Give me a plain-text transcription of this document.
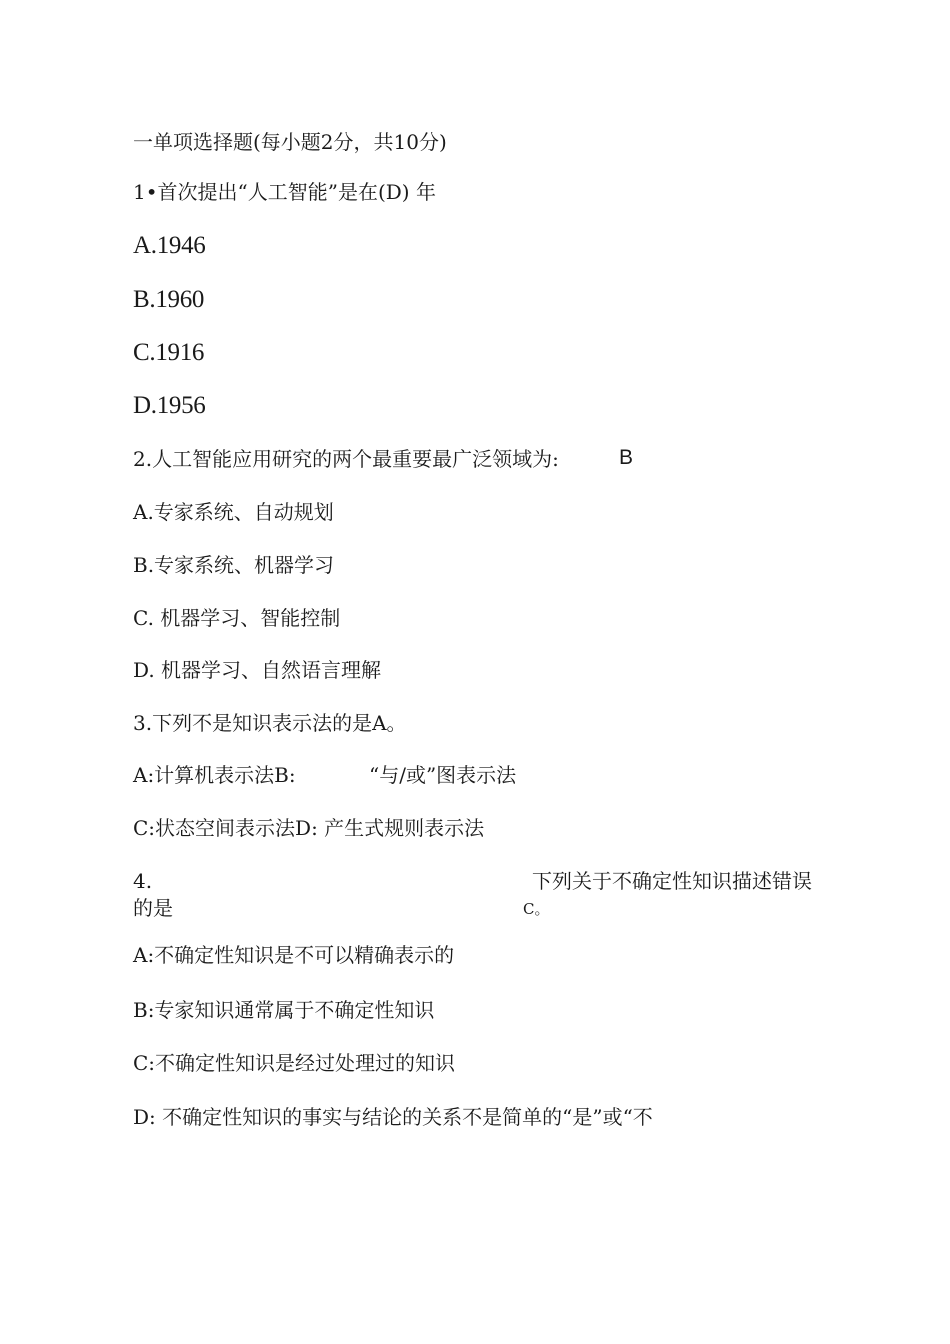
一单项选择题(每小题2分，共10分)
1•首次提出“人工智能”是在(D) 年
A.1946
B.1960
C.1916
D.1956
2.人工智能应用研究的两个最重要最广泛领域为:	B
A.专家系统、自动规划
B.专家系统、机器学习
C. 机器学习、智能控制
D. 机器学习、自然语言理解
3.下列不是知识表示法的是A。
A:计算机表示法B:	“与/或”图表示法
C:状态空间表示法D: 产生式规则表示法
4.	下列关于不确定性知识描述错误
的是	C。
A:不确定性知识是不可以精确表示的
B:专家知识通常属于不确定性知识
C:不确定性知识是经过处理过的知识
D: 不确定性知识的事实与结论的关系不是简单的“是”或“不
